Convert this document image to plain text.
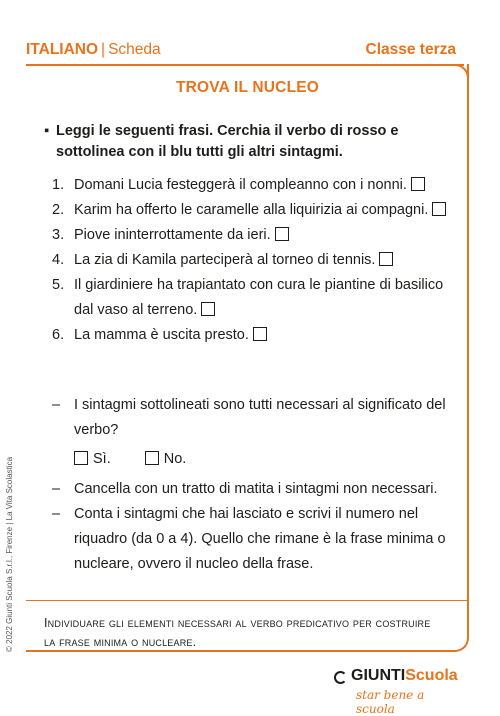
ITALIANO | Scheda	Classe terza
TROVA IL NUCLEO
▪ Leggi le seguenti frasi. Cerchia il verbo di rosso e sottolinea con il blu tutti gli altri sintagmi.
1. Domani Lucia festeggerà il compleanno con i nonni.
2. Karim ha offerto le caramelle alla liquirizia ai compagni.
3. Piove ininterrottamente da ieri.
4. La zia di Kamila parteciperà al torneo di tennis.
5. Il giardiniere ha trapiantato con cura le piantine di basilico dal vaso al terreno.
6. La mamma è uscita presto.
– I sintagmi sottolineati sono tutti necessari al significato del verbo?
Sì.	No.
– Cancella con un tratto di matita i sintagmi non necessari.
– Conta i sintagmi che hai lasciato e scrivi il numero nel riquadro (da 0 a 4). Quello che rimane è la frase minima o nucleare, ovvero il nucleo della frase.
Individuare gli elementi necessari al verbo predicativo per costruire la frase minima o nucleare.
© 2022 Giunti Scuola S.r.l., Firenze | La Vita Scolastica
GIUNTIScuola
star bene a scuola
